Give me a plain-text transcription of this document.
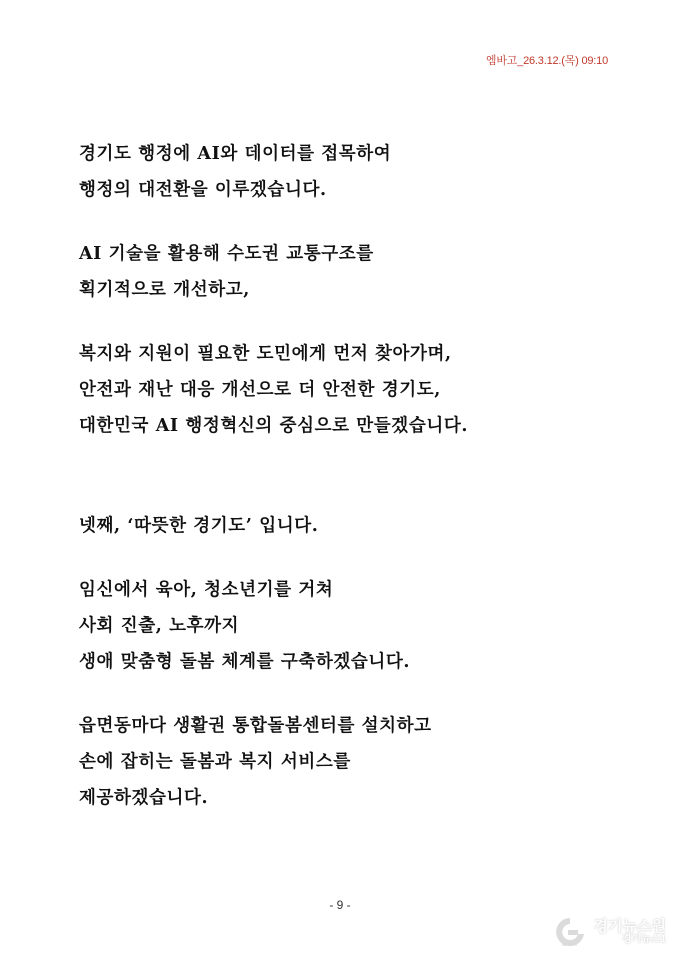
엠바고_26.3.12.(목) 09:10

경기도 행정에 AI와 데이터를 접목하여
행정의 대전환을 이루겠습니다.

AI 기술을 활용해 수도권 교통구조를
획기적으로 개선하고,

복지와 지원이 필요한 도민에게 먼저 찾아가며,
안전과 재난 대응 개선으로 더 안전한 경기도,
대한민국 AI 행정혁신의 중심으로 만들겠습니다.

넷째, ‘따뜻한 경기도’ 입니다.

임신에서 육아, 청소년기를 거쳐
사회 진출, 노후까지
생애 맞춤형 돌봄 체계를 구축하겠습니다.

읍면동마다 생활권 통합돌봄센터를 설치하고
손에 잡히는 돌봄과 복지 서비스를
제공하겠습니다.

- 9 -
GNT
경기뉴스원
경기뉴스1
